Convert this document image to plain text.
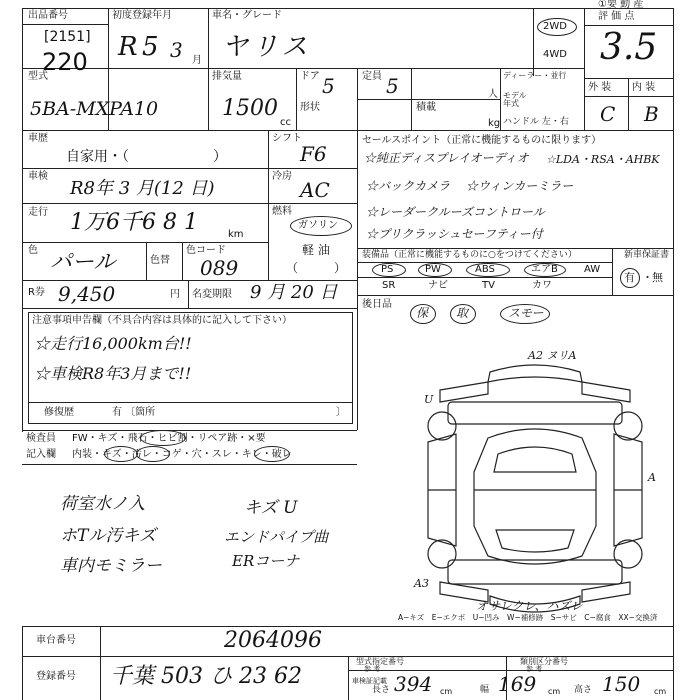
①要 動 産
出品番号
[2151]
220
初度登録年月
R 5 3 月
車名・グレード
ヤリス
2WD
4WD
評 価 点
3.5
型式
5BA-MXPA10
排気量
1500
cc
ドア 5
形状
定員 5	人
積載
kg
ディーラー・並行
モデル年式
ハンドル 左・右
外 装 内 装
C B
車歴
自家用・（　　　　　　）
シフト
F6
車検
R8年 3 月(12 日)
冷房
AC
走行 1万6千6 8 1	km
燃料
ガソリン
軽 油
（　　　）
色 パール	色替
色コード
089
R券 9,450	円 名変期限 9 月 20 日
注意事項申告欄（不具合内容は具体的に記入して下さい）
☆走行16,000km台!!
☆車検R8年3月まで!!
修復歴	有 〔箇所	〕
セールスポイント（正常に機能するものに限ります）
☆純正ディスプレイオーディオ ☆LDA・RSA・AHBK
☆バックカメラ ☆ウィンカーミラー
☆レーダークルーズコントロール
☆プリクラッシュセーフティー付
装備品（正常に機能するものに○をつけてください）	新車保証書
PS	PW	ABS	エアB	AW
SR	ナビ	TV	カワ
有 ・ 無
後日品
保 取	スモー
検査員 FW・キズ・飛石・ヒビ割・リペア跡・×要
記入欄 内装・キズ・汚レ・コゲ・穴・スレ・キレ・破レ
荷室水ノ入
ホTル汚キズ
車内モミラー
キズ U
エンドパイプ曲
ERコーナ
A2 ヌリA
A
U
A3
オサレクレ、ハズレ
A−キズ　E−エクボ　U−凹み　W−補修跡　S−サビ　C−腐食　XX−交換済
車台番号	2064096
登録番号 千葉 503 ひ 23 62
型式指定番号
参 考
類別区分番号
参 考
車検証記載
長さ 394 cm	幅 169 cm 高さ 150 cm
